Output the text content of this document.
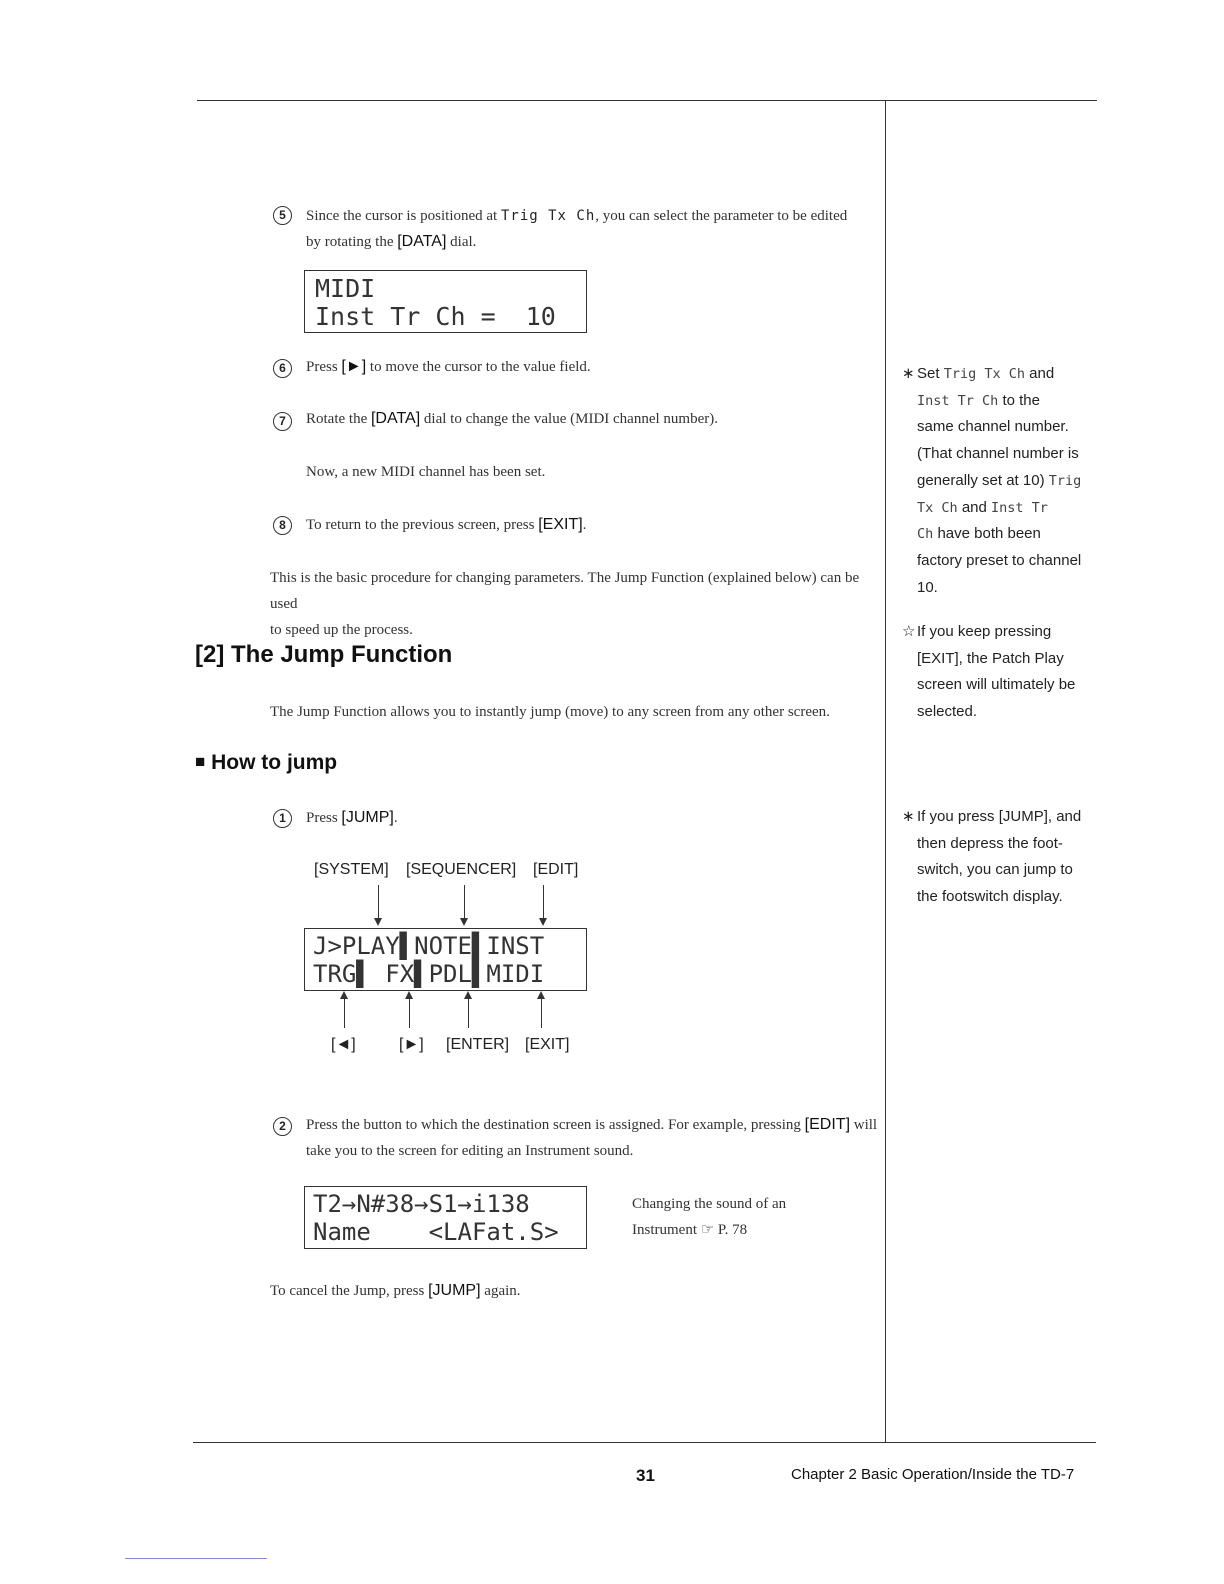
5	Since the cursor is positioned at Trig Tx Ch, you can select the parameter to be edited
by rotating the [DATA] dial.
MIDI
Inst Tr Ch =  10
6	Press [►] to move the cursor to the value field.
7	Rotate the [DATA] dial to change the value (MIDI channel number).
Now, a new MIDI channel has been set.
8	To return to the previous screen, press [EXIT].
This is the basic procedure for changing parameters. The Jump Function (explained below) can be used
to speed up the process.
[2] The Jump Function
The Jump Function allows you to instantly jump (move) to any screen from any other screen.
■ How to jump
1	Press [JUMP].
[SYSTEM] [SEQUENCER] [EDIT]
J>PLAY▌NOTE▌INST
TRG▌ FX▌PDL▌MIDI
[◄]	[►] [ENTER] [EXIT]
2	Press the button to which the destination screen is assigned. For example, pressing [EDIT] will
take you to the screen for editing an Instrument sound.
T2→N#38→S1→i138
Name    <LAFat.S>
Changing the sound of an
Instrument ☞ P. 78
To cancel the Jump, press [JUMP] again.
∗ Set Trig Tx Ch and
Inst Tr Ch to the
same channel number.
(That channel number is
generally set at 10) Trig
Tx Ch and Inst Tr
Ch have both been
factory preset to channel
10.
☆ If you keep pressing
[EXIT], the Patch Play
screen will ultimately be
selected.
∗ If you press [JUMP], and
then depress the foot-
switch, you can jump to
the footswitch display.
31	Chapter 2 Basic Operation/Inside the TD-7
